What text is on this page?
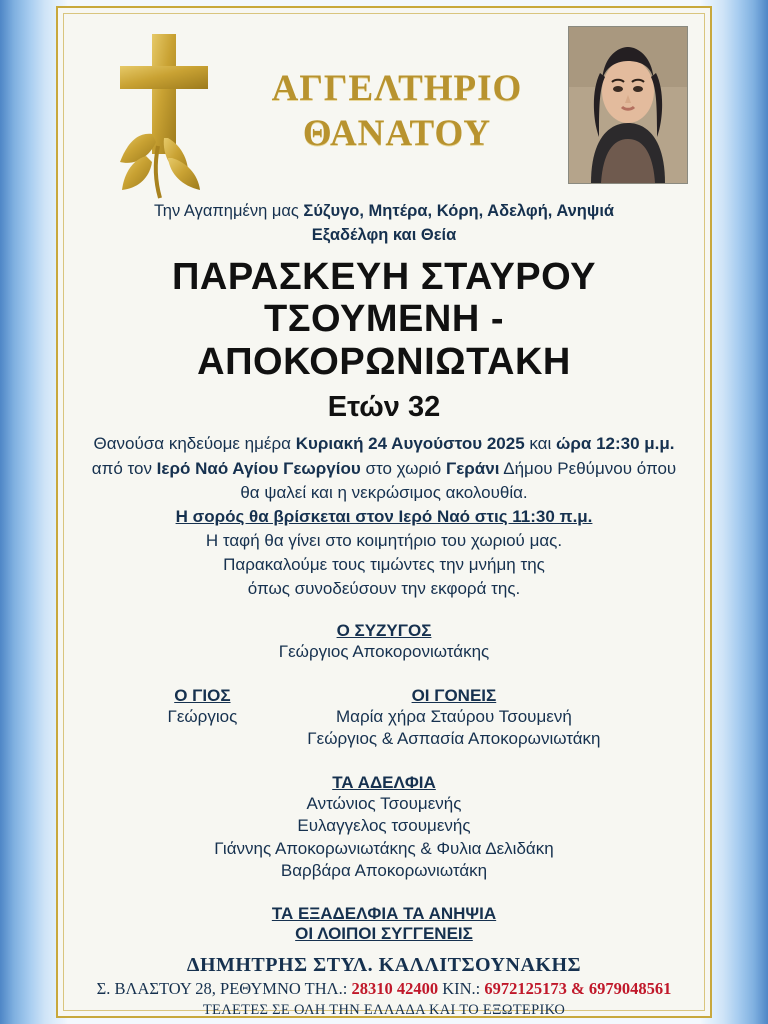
ΑΓΓΕΛΤΗΡΙΟ
ΘΑΝΑΤΟΥ
Την Αγαπημένη μας Σύζυγο, Μητέρα, Κόρη, Αδελφή, Ανηψιά
Εξαδέλφη και Θεία
ΠΑΡΑΣΚΕΥΗ ΣΤΑΥΡΟΥ
ΤΣΟΥΜΕΝΗ -
ΑΠΟΚΟΡΩΝΙΩΤΑΚΗ
Ετών 32

Θανούσα κηδεύομε ημέρα Κυριακή 24 Αυγούστου 2025 και ώρα 12:30 μ.μ. από τον Ιερό Ναό Αγίου Γεωργίου στο χωριό Γεράνι Δήμου Ρεθύμνου όπου θα ψαλεί και η νεκρώσιμος ακολουθία.

Η σορός θα βρίσκεται στον Ιερό Ναό στις 11:30 π.μ.

Η ταφή θα γίνει στο κοιμητήριο του χωριού μας.

Παρακαλούμε τους τιμώντες την μνήμη της

όπως συνοδεύσουν την εκφορά της.

Ο ΣΥΖΥΓΟΣ
Γεώργιος Αποκορονιωτάκης
Ο ΓΙΟΣ
Γεώργιος
ΟΙ ΓΟΝΕΙΣ
Μαρία χήρα Σταύρου Τσουμενή
Γεώργιος & Ασπασία Αποκορωνιωτάκη
ΤΑ ΑΔΕΛΦΙΑ
Αντώνιος Τσουμενής
Ευλαγγελος τσουμενής
Γιάννης Αποκορωνιωτάκης & Φυλια Δελιδάκη
Βαρβάρα Αποκορωνιωτάκη
ΤΑ ΕΞΑΔΕΛΦΙΑ ΤΑ ΑΝΗΨΙΑ
ΟΙ ΛΟΙΠΟΙ ΣΥΓΓΕΝΕΙΣ
ΔΗΜΗΤΡΗΣ ΣΤΥΛ. ΚΑΛΛΙΤΣΟΥΝΑΚΗΣ
Σ. ΒΛΑΣΤΟΥ 28, ΡΕΘΥΜΝΟ ΤΗΛ.: 28310 42400 ΚΙΝ.: 6972125173 & 6979048561
ΤΕΛΕΤΕΣ ΣΕ ΟΛΗ ΤΗΝ ΕΛΛΑΔΑ ΚΑΙ ΤΟ ΕΞΩΤΕΡΙΚΟ
